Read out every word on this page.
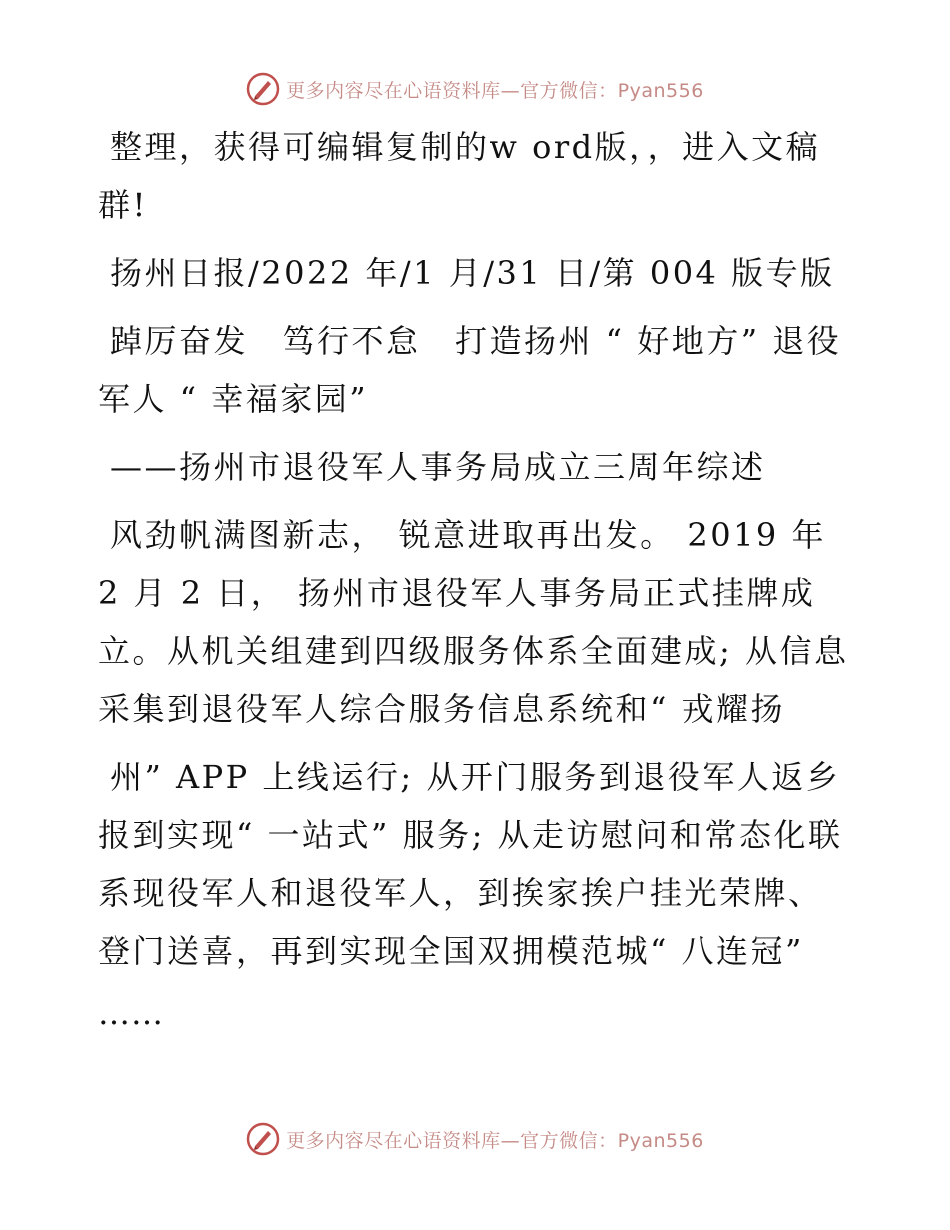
更多内容尽在心语资料库—官方微信：Pyan556

整理，获得可编辑复制的w ord版，，进入文稿群!

扬州日报/2022 年/1 月/31 日/第 004 版专版

踔厉奋发　笃行不怠　打造扬州 “ 好地方” 退役军人 “ 幸福家园”

——扬州市退役军人事务局成立三周年综述

风劲帆满图新志， 锐意进取再出发。 2019 年 2 月 2 日， 扬州市退役军人事务局正式挂牌成立。从机关组建到四级服务体系全面建成; 从信息采集到退役军人综合服务信息系统和“ 戎耀扬

州” APP 上线运行; 从开门服务到退役军人返乡报到实现“ 一站式” 服务; 从走访慰问和常态化联系现役军人和退役军人，到挨家挨户挂光荣牌、登门送喜，再到实现全国双拥模范城“ 八连冠”

……

更多内容尽在心语资料库—官方微信：Pyan556
